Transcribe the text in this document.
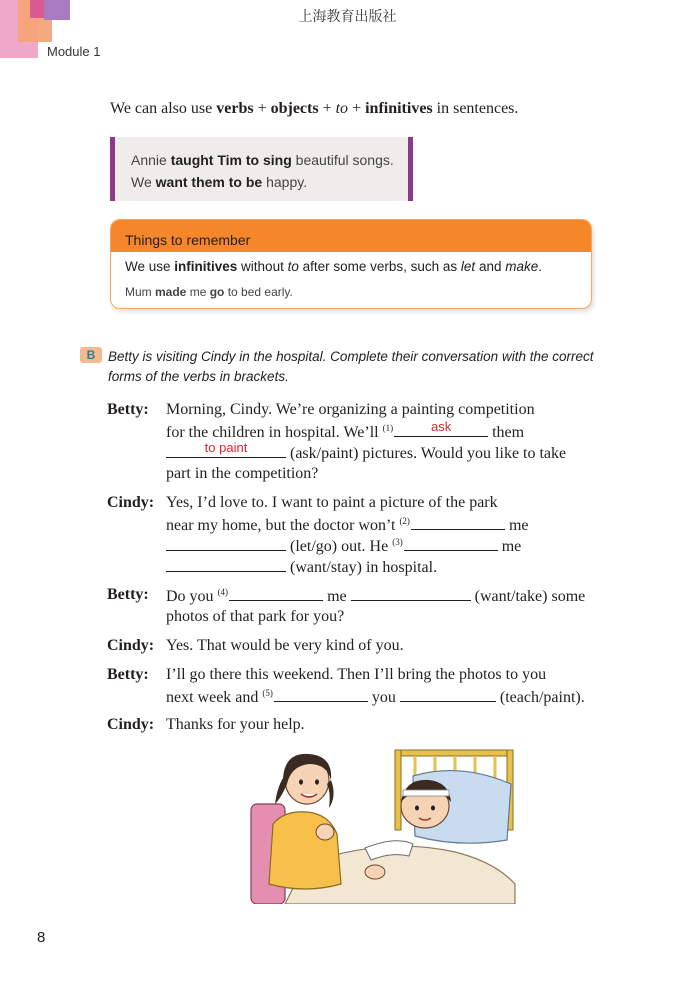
上海教育出版社
Module 1
We can also use verbs + objects + to + infinitives in sentences.
Annie taught Tim to sing beautiful songs.
We want them to be happy.
Things to remember
We use infinitives without to after some verbs, such as let and make.
Mum made me go to bed early.
B Betty is visiting Cindy in the hospital. Complete their conversation with the correct forms of the verbs in brackets.
Betty: Morning, Cindy. We’re organizing a painting competition
for the children in hospital. We’ll $^{(1)}$	ask	them
to paint	(ask/paint) pictures. Would you like to take
part in the competition?
Cindy: Yes, I’d love to. I want to paint a picture of the park
near my home, but the doctor won’t $^{(2)}$	me
(let/go) out. He $^{(3)}$	me
(want/stay) in hospital.
Betty: Do you $^{(4)}$	me	(want/take) some
photos of that park for you?
Cindy: Yes. That would be very kind of you.
Betty: I’ll go there this weekend. Then I’ll bring the photos to you
next week and $^{(5)}$	you	(teach/paint).
Cindy: Thanks for your help.
8
